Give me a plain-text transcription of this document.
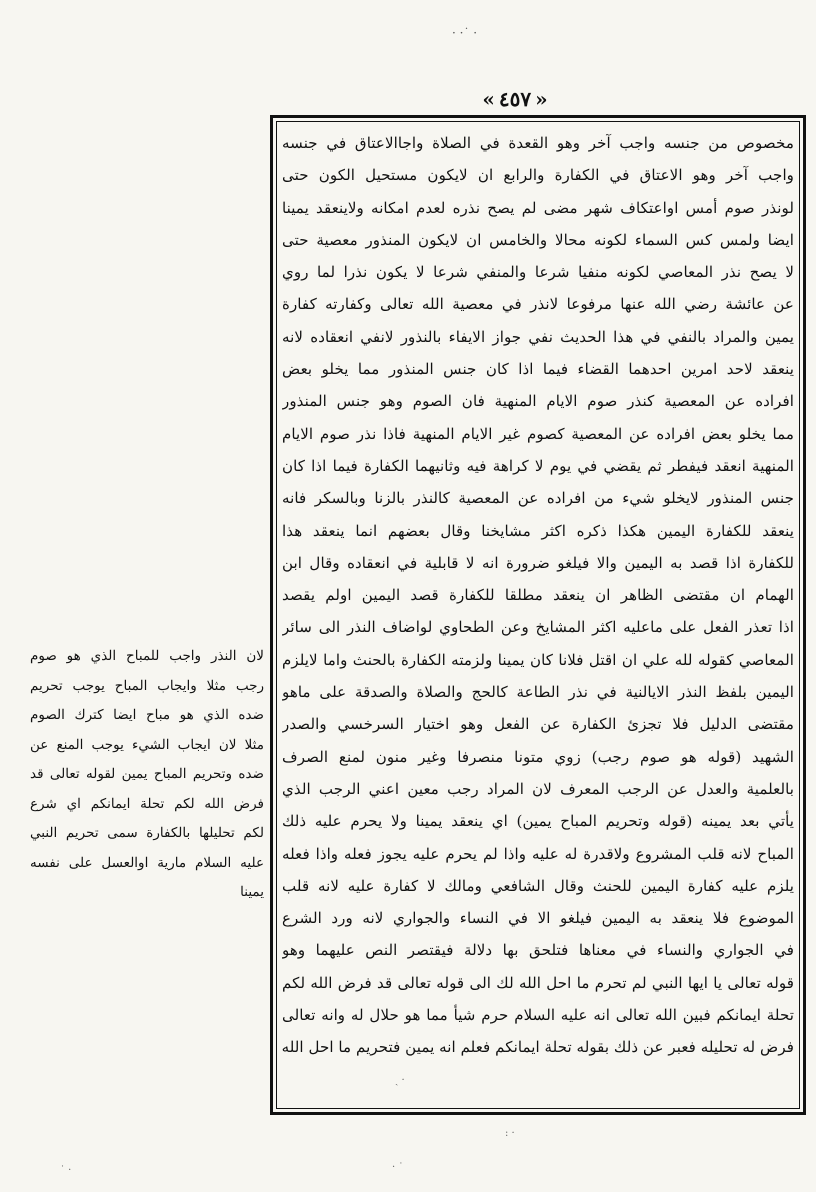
· ·˙ ·
« ٤٥٧ »
مخصوص من جنسه واجب آخر وهو القعدة في الصلاة واجاالاعتاق في جنسه
واجب آخر وهو الاعتاق في الكفارة والرابع ان لايكون مستحيل الكون حتى
لونذر صوم أمس اواعتكاف شهر مضى لم يصح نذره لعدم امكانه ولاينعقد يمينا
ايضا ولمس كس السماء لكونه محالا والخامس ان لايكون المنذور معصية حتى
لا يصح نذر المعاصي لكونه منفيا شرعا والمنفي شرعا لا يكون نذرا لما روي
عن عائشة رضي الله عنها مرفوعا لانذر في معصية الله تعالى وكفارته كفارة
يمين والمراد بالنفي في هذا الحديث نفي جواز الايفاء بالنذور لانفي انعقاده لانه
ينعقد لاحد امرين احدهما القضاء فيما اذا كان جنس المنذور مما يخلو بعض
افراده عن المعصية كنذر صوم الايام المنهية فان الصوم وهو جنس المنذور
مما يخلو بعض افراده عن المعصية كصوم غير الايام المنهية فاذا نذر صوم الايام
المنهية انعقد فيفطر ثم يقضي في يوم لا كراهة فيه وثانيهما الكفارة فيما اذا كان
جنس المنذور لايخلو شيء من افراده عن المعصية كالنذر بالزنا وبالسكر فانه
ينعقد للكفارة اليمين هكذا ذكره اكثر مشايخنا وقال بعضهم انما ينعقد هذا
للكفارة اذا قصد به اليمين والا فيلغو ضرورة انه لا قابلية في انعقاده وقال ابن
الهمام ان مقتضى الظاهر ان ينعقد مطلقا للكفارة قصد اليمين اولم يقصد
اذا تعذر الفعل على ماعليه اكثر المشايخ وعن الطحاوي لواضاف النذر الى سائر
المعاصي كقوله لله علي ان اقتل فلانا كان يمينا ولزمته الكفارة بالحنث واما لايلزم
اليمين بلفظ النذر الايالنية في نذر الطاعة كالحج والصلاة والصدقة على ماهو
مقتضى الدليل فلا تجزئ الكفارة عن الفعل وهو اختيار السرخسي والصدر
الشهيد (قوله هو صوم رجب) زوي متونا منصرفا وغير منون لمنع الصرف
بالعلمية والعدل عن الرجب المعرف لان المراد رجب معين اعني الرجب الذي
يأتي بعد يمينه (قوله وتحريم المباح يمين) اي ينعقد يمينا ولا يحرم عليه ذلك
المباح لانه قلب المشروع ولاقدرة له عليه واذا لم يحرم عليه يجوز فعله واذا فعله
يلزم عليه كفارة اليمين للحنث وقال الشافعي ومالك لا كفارة عليه لانه قلب
الموضوع فلا ينعقد به اليمين فيلغو الا في النساء والجواري لانه ورد الشرع
في الجواري والنساء في معناها فتلحق بها دلالة فيقتصر النص عليهما وهو
قوله تعالى يا ايها النبي لم تحرم ما احل الله لك الى قوله تعالى قد فرض الله لكم
تحلة ايمانكم فبين الله تعالى انه عليه السلام حرم شيأ مما هو حلال له وانه تعالى
فرض له تحليله فعبر عن ذلك بقوله تحلة ايمانكم فعلم انه يمين فتحريم ما احل الله
لان النذر واجب للمباح الذي هو صوم
رجب مثلا وايجاب المباح يوجب تحريم
ضده الذي هو مباح ايضا كترك الصوم
مثلا لان ايجاب الشيء يوجب المنع عن
ضده وتحريم المباح يمين لقوله تعالى قد
فرض الله لكم تحلة ايمانكم اي شرع
لكم تحليلها بالكفارة سمى تحريم النبي
عليه السلام مارية اوالعسل على نفسه
يمينا
ˏ ·
: ·
· ˙
˙ ·
